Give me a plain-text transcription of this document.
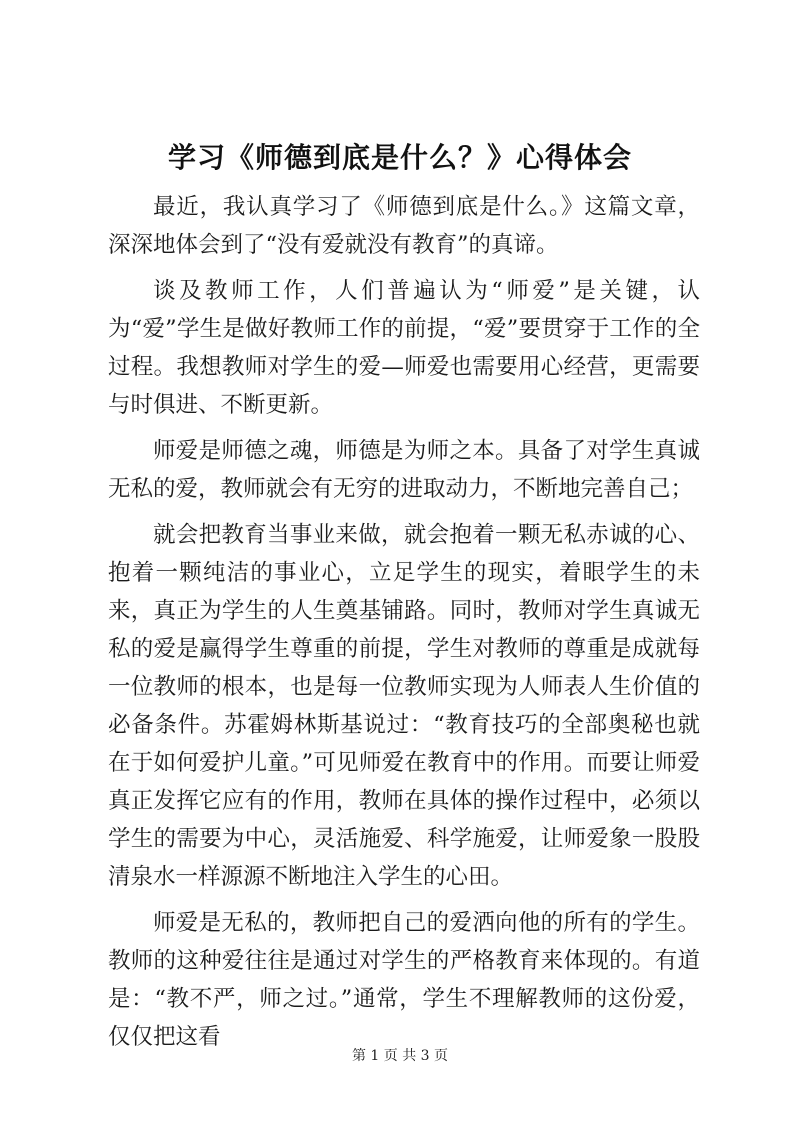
学习《师德到底是什么？》心得体会

最近，我认真学习了《师德到底是什么。》这篇文章，深深地体会到了“没有爱就没有教育”的真谛。

谈及教师工作，人们普遍认为“师爱”是关键，认为“爱”学生是做好教师工作的前提，“爱”要贯穿于工作的全过程。我想教师对学生的爱—师爱也需要用心经营，更需要与时俱进、不断更新。

师爱是师德之魂，师德是为师之本。具备了对学生真诚无私的爱，教师就会有无穷的进取动力，不断地完善自己；

就会把教育当事业来做，就会抱着一颗无私赤诚的心、抱着一颗纯洁的事业心，立足学生的现实，着眼学生的未来，真正为学生的人生奠基铺路。同时，教师对学生真诚无私的爱是赢得学生尊重的前提，学生对教师的尊重是成就每一位教师的根本，也是每一位教师实现为人师表人生价值的必备条件。苏霍姆林斯基说过：“教育技巧的全部奥秘也就在于如何爱护儿童。”可见师爱在教育中的作用。而要让师爱真正发挥它应有的作用，教师在具体的操作过程中，必须以学生的需要为中心，灵活施爱、科学施爱，让师爱象一股股清泉水一样源源不断地注入学生的心田。

师爱是无私的，教师把自己的爱洒向他的所有的学生。教师的这种爱往往是通过对学生的严格教育来体现的。有道是：“教不严，师之过。”通常，学生不理解教师的这份爱，仅仅把这看

第 1 页 共 3 页
